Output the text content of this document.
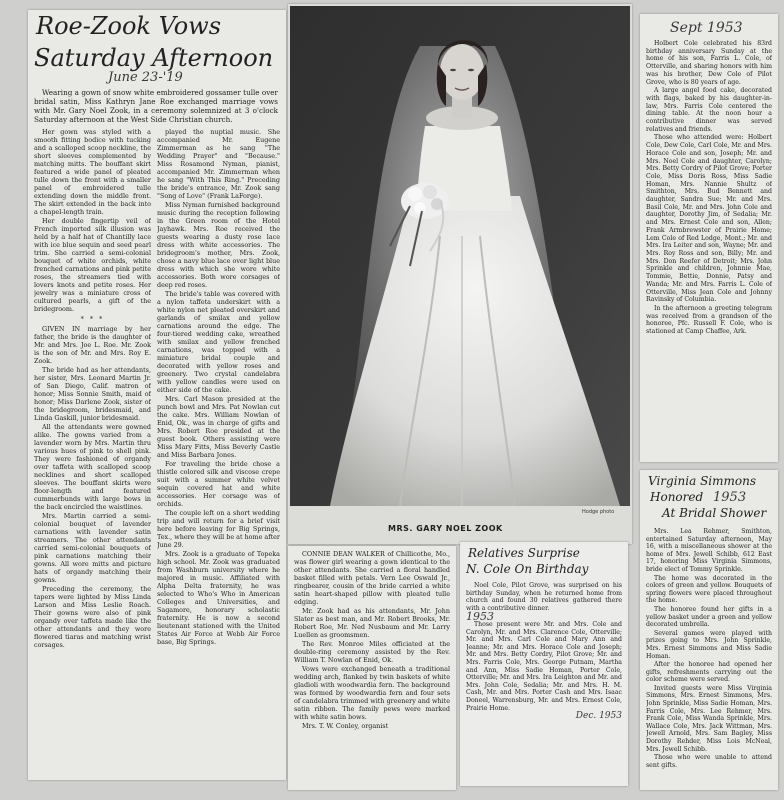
Roe-Zook Vows
Saturday Afternoon
June 23-'19

Wearing a gown of snow white embroidered gossamer tulle over bridal satin, Miss Kathryn Jane Roe exchanged marriage vows with Mr. Gary Noel Zook, in a ceremony solemnized at 3 o'clock Saturday afternoon at the West Side Christian church.

Her gown was styled with a smooth fitting bodice with tucking and a scalloped scoop neckline, the short sleeves complemented by matching mitts. The bouffant skirt featured a wide panel of pleated tulle down the front with a smaller panel of embroidered tulle extending down the middle front. The skirt extended in the back into a chapel-length train.

Her double fingertip veil of French imported silk illusion was held by a half hat of Chantilly lace with ice blue sequin and seed pearl trim. She carried a semi-colonial bouquet of white orchids, white frenched carnations and pink petite roses, the streamers tied with lovers knots and petite roses. Her jewelry was a miniature cross of cultured pearls, a gift of the bridegroom.

* * *

GIVEN IN marriage by her father, the bride is the daughter of Mr. and Mrs. Joe L. Roe. Mr. Zook is the son of Mr. and Mrs. Roy E. Zook.

The bride had as her attendants, her sister, Mrs. Leonard Martin Jr. of San Diego, Calif. matron of honor; Miss Sonnie Smith, maid of honor; Miss Darlene Zook, sister of the bridegroom, bridesmaid, and Linda Gaskill, junior bridesmaid.

All the attendants were gowned alike. The gowns varied from a lavender worn by Mrs. Martin thru various hues of pink to shell pink. They were fashioned of organdy over taffeta with scalloped scoop necklines and short scalloped sleeves. The bouffant skirts were floor-length and featured cummerbunds with large bows in the back encircled the waistlines.

Mrs. Martin carried a semi-colonial bouquet of lavender carnations with lavender satin streamers. The other attendants carried semi-colonial bouquets of pink carnations matching their gowns. All wore mitts and picture hats of organdy matching their gowns.

Preceding the ceremony, the tapers were lighted by Miss Linda Larson and Miss Leslie Roach. Their gowns were also of pink organdy over taffeta made like the other attendants and they wore flowered tiaras and matching wrist corsages.

played the nuptial music. She accompanied Mr. Eugene Zimmerman as he sang "The Wedding Prayer" and "Because." Miss Rosamond Nyman, pianist, accompanied Mr. Zimmerman when he sang "With This Ring." Preceding the bride's entrance, Mr. Zook sang "Song of Love" (Frank LaForge).

Miss Nyman furnished background music during the reception following in the Green room of the Hotel Jayhawk. Mrs. Roe received the guests wearing a dusty rose lace dress with white accessories. The bridegroom's mother, Mrs. Zook, chose a navy blue lace over light blue dress with which she wore white accessories. Both wore corsages of deep red roses.

The bride's table was covered with a nylon taffeta underskirt with a white nylon net pleated overskirt and garlands of smilax and yellow carnations around the edge. The four-tiered wedding cake, wreathed with smilax and yellow frenched carnations, was topped with a miniature bridal couple and decorated with yellow roses and greenery. Two crystal candelabra with yellow candles were used on either side of the cake.

Mrs. Carl Mason presided at the punch bowl and Mrs. Pat Nowlan cut the cake. Mrs. William Nowlan of Enid, Ok., was in charge of gifts and Mrs. Robert Roe presided at the guest book. Others assisting were Miss Mary Fitts, Miss Beverly Castle and Miss Barbara Jones.

For traveling the bride chose a thistle colored silk and viscose crepe suit with a summer white velvet sequin covered hat and white accessories. Her corsage was of orchids.

The couple left on a short wedding trip and will return for a brief visit here before leaving for Big Springs, Tex., where they will be at home after June 29.

Mrs. Zook is a graduate of Topeka high school. Mr. Zook was graduated from Washburn university where he majored in music. Affiliated with Alpha Delta fraternity, he was selected to Who's Who in American Colleges and Universities, and Sagamore, honorary scholastic fraternity. He is now a second lieutenant stationed with the United States Air Force at Webb Air Force base, Big Springs.

Hodge photo
MRS. GARY NOEL ZOOK

CONNIE DEAN WALKER of Chillicothe, Mo., was flower girl wearing a gown identical to the other attendants. She carried a floral handled basket filled with petals. Vern Lee Oswald Jr., ringbearer, cousin of the bride carried a white satin heart-shaped pillow with pleated tulle edging.

Mr. Zook had as his attendants, Mr. John Slater as best man, and Mr. Robert Brooks, Mr. Robert Roe, Mr. Ned Nusbaum and Mr. Larry Luellen as groomsmen.

The Rev. Monroe Miles officiated at the double-ring ceremony assisted by the Rev. William T. Nowlan of Enid, Ok.

Vows were exchanged beneath a traditional wedding arch, flanked by twin baskets of white gladioli with woodwardia fern. The background was formed by woodwardia fern and four sets of candelabra trimmed with greenery and white satin ribbon. The family pews were marked with white satin bows.

Mrs. T. W. Conley, organist

Relatives Surprise
N. Cole On Birthday

Noel Cole, Pilot Grove, was surprised on his birthday Sunday, when he returned home from church and found 30 relatives gathered there with a contributive dinner.

1953

Those present were Mr. and Mrs. Cole and Carolyn, Mr. and Mrs. Clarence Cole, Otterville; Mr. and Mrs. Carl Cole and Mary Ann and Jeanne; Mr. and Mrs. Horace Cole and Joseph; Mr. and Mrs. Betty Cordry, Pilot Grove; Mr. and Mrs. Farris Cole, Mrs. George Putnam, Martha and Ann, Miss Sadie Homan, Porter Cole, Otterville; Mr. and Mrs. Ira Leighton and Mr. and Mrs. John Cole, Sedalia; Mr. and Mrs. H. M. Cash, Mr. and Mrs. Porter Cash and Mrs. Isaac Doneel, Warrensburg, Mr. and Mrs. Ernest Cole, Prairie Home.

Dec. 1953
Sept 1953

Holbert Cole celebrated his 83rd birthday anniversary Sunday at the home of his son, Farris L. Cole, of Otterville, and sharing honors with him was his brother, Dew Cole of Pilot Grove, who is 80 years of age.

A large angel food cake, decorated with flags, baked by his daughter-in-law, Mrs. Farris Cole centered the dining table. At the noon hour a contributive dinner was served relatives and friends.

Those who attended were: Holbert Cole, Dew Cole, Carl Cole, Mr. and Mrs. Horace Cole and son, Joseph; Mr. and Mrs. Noel Cole and daughter, Carolyn; Mrs. Betty Cordry of Pilot Grove; Porter Cole, Miss Doris Ross, Miss Sadie Homan, Mrs. Nannie Shultz of Smithton, Mrs. Bud Bennett and daughter, Sandra Sue; Mr. and Mrs. Basil Cole, Mr. and Mrs. John Cole and daughter, Dorothy Jim, of Sedalia; Mr. and Mrs. Ernest Cole and son, Allen; Frank Armbrewster of Prairie Home; Lem Cole of Red Lodge, Mont.; Mr. and Mrs. Ira Leiter and son, Wayne; Mr. and Mrs. Roy Ross and son, Billy; Mr. and Mrs. Don Reefer of Detroit; Mrs. John Sprinkle and children, Johnnie Mae, Tommie, Bettie, Donnie, Patsy and Wanda; Mr. and Mrs. Farris L. Cole of Otterville, Miss Jean Cole and Johnny Ravinsky of Columbia.

In the afternoon a greeting telegram was received from a grandson of the honoree, Pfc. Russell F. Cole, who is stationed at Camp Chaffee, Ark.

Virginia Simmons
Honored 1953
At Bridal Shower

Mrs. Lea Rehmer, Smithton, entertained Saturday afternoon, May 16, with a miscellaneous shower at the home of Mrs. Jewell Schibb, 612 East 17, honoring Miss Virginia Simmons, bride elect of Tommy Sprinkle.

The home was decorated in the colors of green and yellow. Bouquets of spring flowers were placed throughout the home.

The honoree found her gifts in a yellow basket under a green and yellow decorated umbrella.

Several games were played with prizes going to Mrs. John Sprinkle, Mrs. Ernest Simmons and Miss Sadie Homan.

After the honoree had opened her gifts, refreshments carrying out the color scheme were served.

Invited guests were Miss Virginia Simmons, Mrs. Ernest Simmons, Mrs. John Sprinkle, Miss Sadie Homan, Mrs. Farris Cole, Mrs. Lee Rehmer, Mrs. Frank Cole, Miss Wanda Sprinkle, Mrs. Wallace Cole, Mrs. Jack Wittman, Mrs. Jewell Arnold, Mrs. Sam Bagley, Miss Dorothy Rehder, Miss Lois McNeal, Mrs. Jewell Schibb.

Those who were unable to attend sent gifts.
